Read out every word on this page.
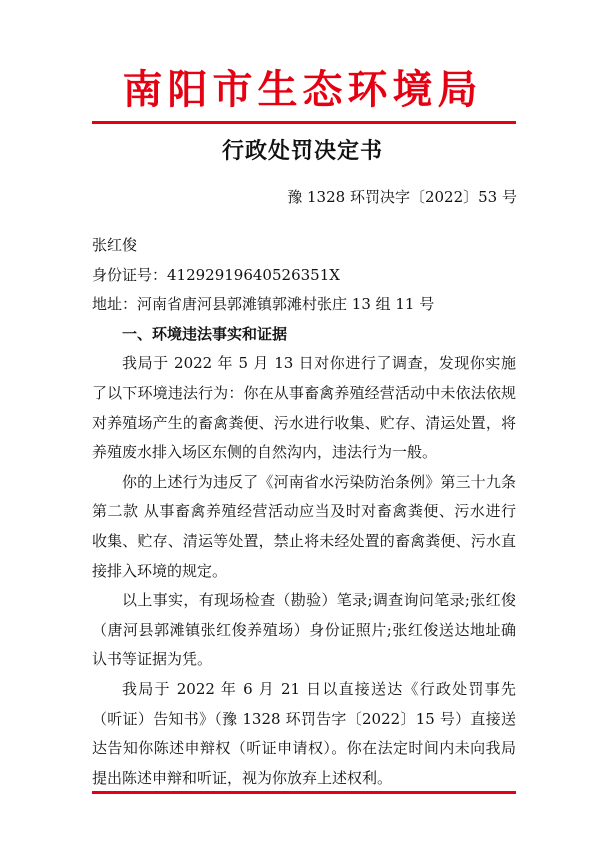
南阳市生态环境局
行政处罚决定书
豫 1328 环罚决字〔2022〕53 号

张红俊

身份证号：41292919640526351X

地址：河南省唐河县郭滩镇郭滩村张庄 13 组 11 号

一、环境违法事实和证据

我局于 2022 年 5 月 13 日对你进行了调查，发现你实施了以下环境违法行为：你在从事畜禽养殖经营活动中未依法依规对养殖场产生的畜禽粪便、污水进行收集、贮存、清运处置，将养殖废水排入场区东侧的自然沟内，违法行为一般。

你的上述行为违反了《河南省水污染防治条例》第三十九条 第二款 从事畜禽养殖经营活动应当及时对畜禽粪便、污水进行收集、贮存、清运等处置，禁止将未经处置的畜禽粪便、污水直接排入环境的规定。

以上事实，有现场检查（勘验）笔录;调查询问笔录;张红俊（唐河县郭滩镇张红俊养殖场）身份证照片;张红俊送达地址确认书等证据为凭。

我局于 2022 年 6 月 21 日以直接送达《行政处罚事先（听证）告知书》（豫 1328 环罚告字〔2022〕15 号）直接送达告知你陈述申辩权（听证申请权）。你在法定时间内未向我局提出陈述申辩和听证，视为你放弃上述权利。
